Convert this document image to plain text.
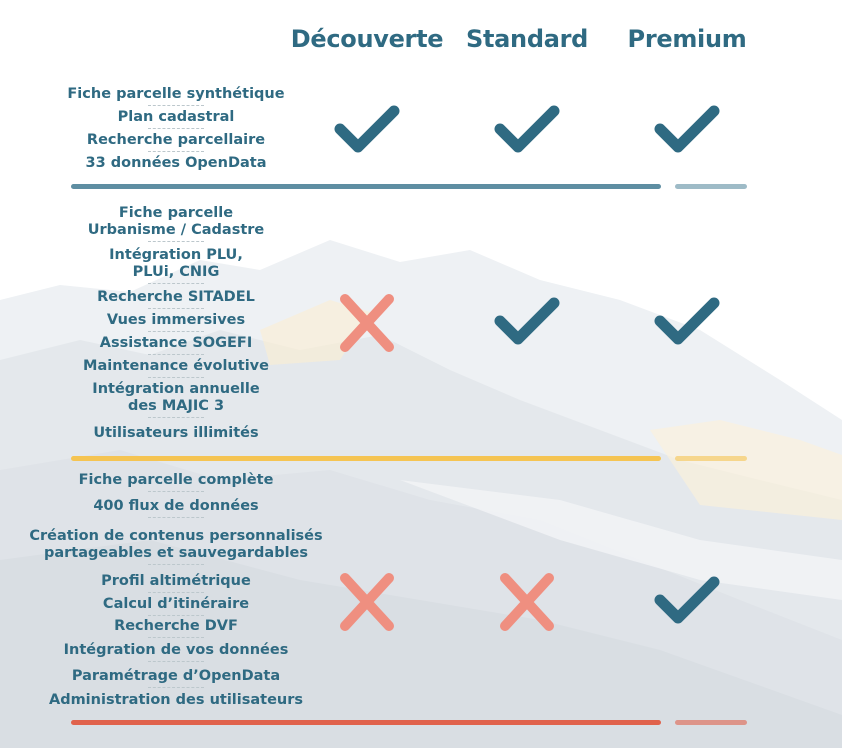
Découverte Standard Premium
Fiche parcelle synthétique
Plan cadastral
Recherche parcellaire
33 données OpenData
Fiche parcelle
Urbanisme / Cadastre
Intégration PLU,
PLUi, CNIG
Recherche SITADEL
Vues immersives
Assistance SOGEFI
Maintenance évolutive
Intégration annuelle
des MAJIC 3
Utilisateurs illimités
Fiche parcelle complète
400 flux de données
Création de contenus personnalisés
partageables et sauvegardables
Profil altimétrique
Calcul d’itinéraire
Recherche DVF
Intégration de vos données
Paramétrage d’OpenData
Administration des utilisateurs
